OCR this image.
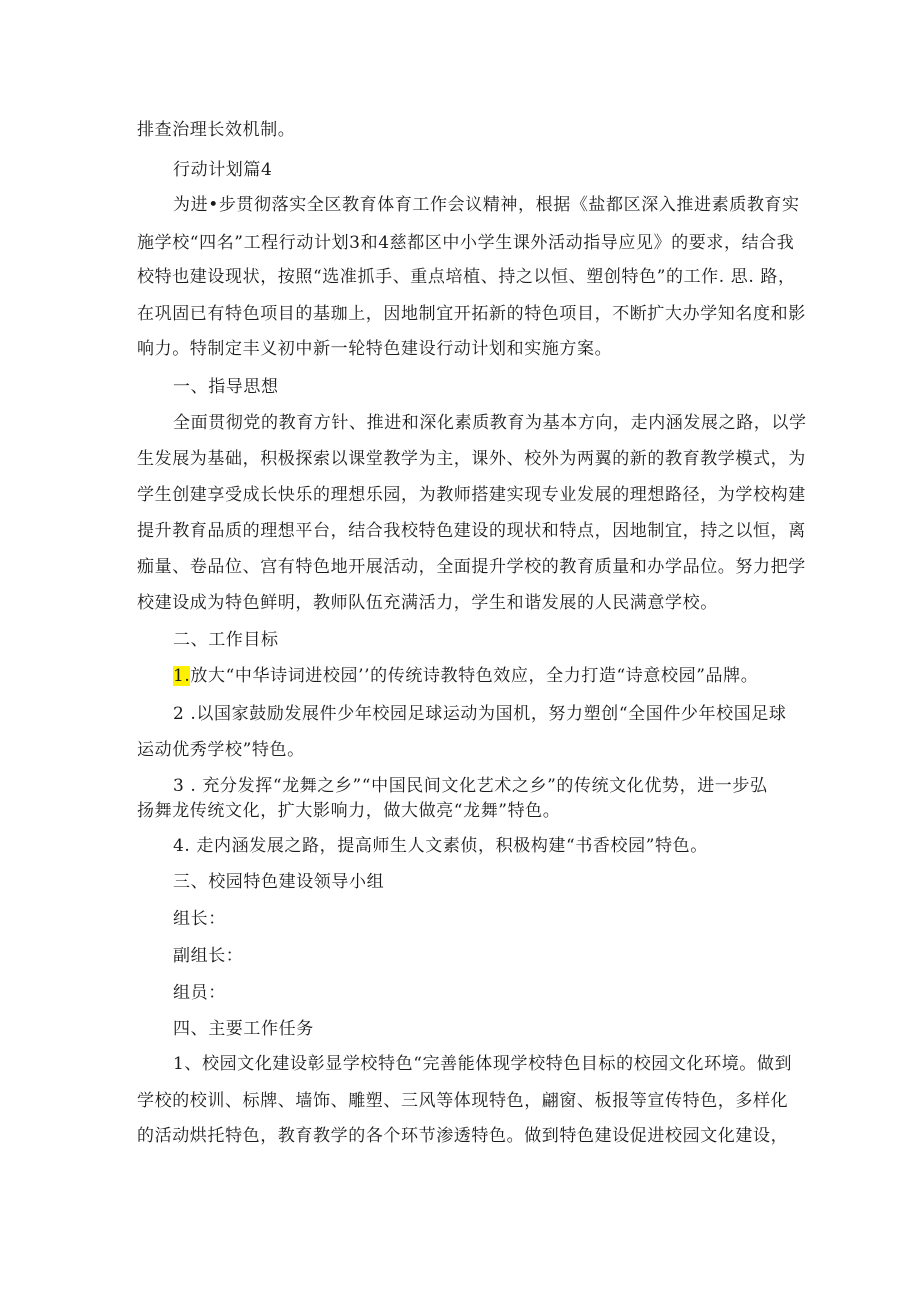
排查治理长效机制。
行动计划篇4
为进•步贯彻落实全区教育体育工作会议精神，根据《盐都区深入推进素质教育实
施学校“四名”工程行动计划3和4慈都区中小学生课外活动指导应见》的要求，结合我
校特也建设现状，按照“选准抓手、重点培植、持之以恒、塑创特色”的工作. 思. 路，
在巩固已有特色项目的基珈上，因地制宜开拓新的特色项目，不断扩大办学知名度和影
响力。特制定丰义初中新一轮特色建设行动计划和实施方案。
一、指导思想
全面贯彻党的教育方针、推进和深化素质教育为基本方向，走内涵发展之路，以学
生发展为基础，积极探索以课堂教学为主，课外、校外为两翼的新的教育教学模式，为
学生创建享受成长快乐的理想乐园，为教师搭建实现专业发展的理想路径，为学校构建
提升教育品质的理想平台，结合我校特色建设的现状和特点，因地制宜，持之以恒，离
痂量、卷品位、宫有特色地开展活动，全面提升学校的教育质量和办学品位。努力把学
校建设成为特色鲜明，教师队伍充满活力，学生和谐发展的人民满意学校。
二、工作目标
1.放大“中华诗词进校园’’的传统诗教特色效应，全力打造“诗意校园”品牌。
2 .以国家鼓励发展件少年校园足球运动为国机，努力塑创“全国件少年校国足球
运动优秀学校”特色。
3 . 充分发挥“龙舞之乡”“中国民间文化艺术之乡”的传统文化优势，进一步弘
扬舞龙传统文化，扩大影响力，做大做亮“龙舞”特色。
4. 走内涵发展之路，提高师生人文素侦，积极构建“书香校园”特色。
三、校园特色建设领导小组
组长：
副组长：
组员：
四、主要工作任务
1、校园文化建设彰显学校特色“完善能体现学校特色目标的校园文化环境。做到
学校的校训、标牌、墙饰、雕塑、三风等体现特色，翩窗、板报等宣传特色，多样化
的活动烘托特色，教育教学的各个环节渗透特色。做到特色建设促进校园文化建设，
